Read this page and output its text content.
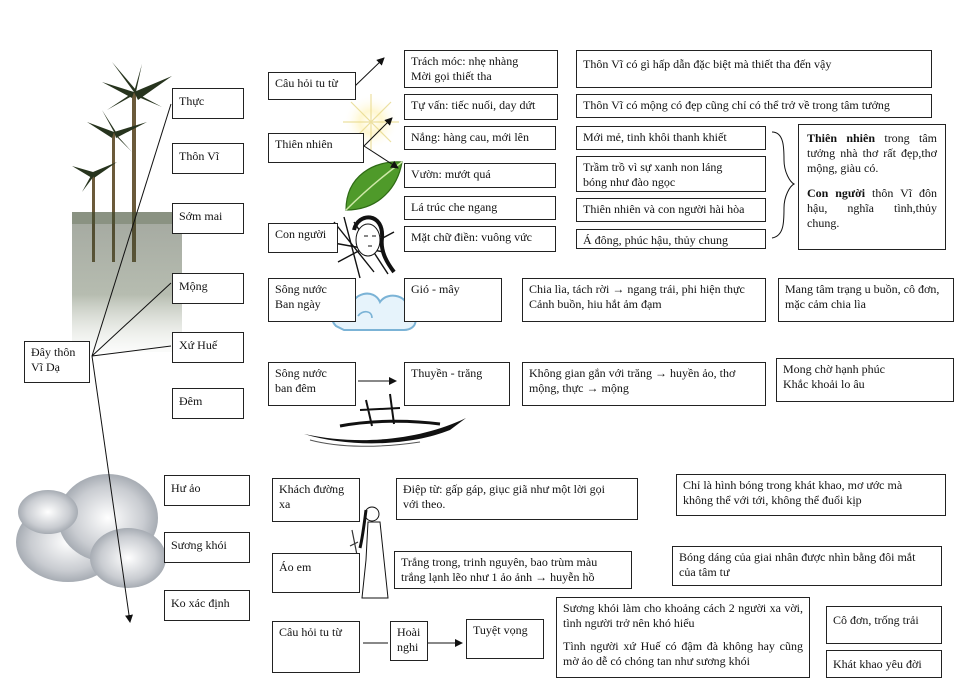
Đây thôn Vĩ Dạ
Thực
Thôn Vĩ
Sớm mai
Mộng
Xứ Huế
Đêm
Hư ảo
Sương khói
Ko xác định
Câu hỏi tu từ
Thiên nhiên
Con người
Trách móc: nhẹ nhàng
Mời gọi thiết tha
Tự vấn: tiếc nuối, day dứt
Nắng: hàng cau, mới lên
Vườn: mướt quá
Lá trúc che ngang
Mặt chữ điền: vuông vức
Thôn Vĩ có gì hấp dẫn đặc biệt mà thiết tha đến vậy
Thôn Vĩ có mộng có đẹp cũng chỉ có thể trở về trong tâm tưởng
Mới mẻ, tinh khôi thanh khiết
Trầm trồ vì sự xanh non láng
bóng như đào ngọc
Thiên nhiên và con người hài hòa
Á đông, phúc hậu, thủy chung

Thiên nhiên trong tâm tưởng nhà thơ rất đẹp,thơ mộng, giàu có.

Con người thôn Vĩ đôn hậu, nghĩa tình,thủy chung.

Sông nước
Ban ngày
Gió - mây	Chia lìa, tách rời → ngang trái, phi hiện thực
Cảnh buồn, hiu hắt ảm đạm
Mang tâm trạng u buồn, cô đơn,
mặc cảm chia lìa
Sông nước
ban đêm
Thuyền - trăng	Không gian gắn với trăng → huyền ảo, thơ
mộng, thực → mộng
Mong chờ hạnh phúc
Khắc khoải lo âu
Khách đường
xa
Điệp từ: gấp gáp, giục giã như một lời gọi
với theo.
Chỉ là hình bóng trong khát khao, mơ ước mà
không thể với tới, không thể đuổi kịp
Áo em	Trắng trong, trinh nguyên, bao trùm màu
trắng lạnh lẽo như 1 ảo ảnh → huyễn hồ
Bóng dáng của giai nhân được nhìn bằng đôi mắt
của tâm tư
Câu hỏi tu từ	Hoài
nghi
Tuyệt vọng

Sương khói làm cho khoảng cách 2 người xa vời, tình người trở nên khó hiểu

Tình người xứ Huế có đậm đà không hay cũng mờ ảo dễ có chóng tan như sương khói

Cô đơn, trống trải
Khát khao yêu đời
